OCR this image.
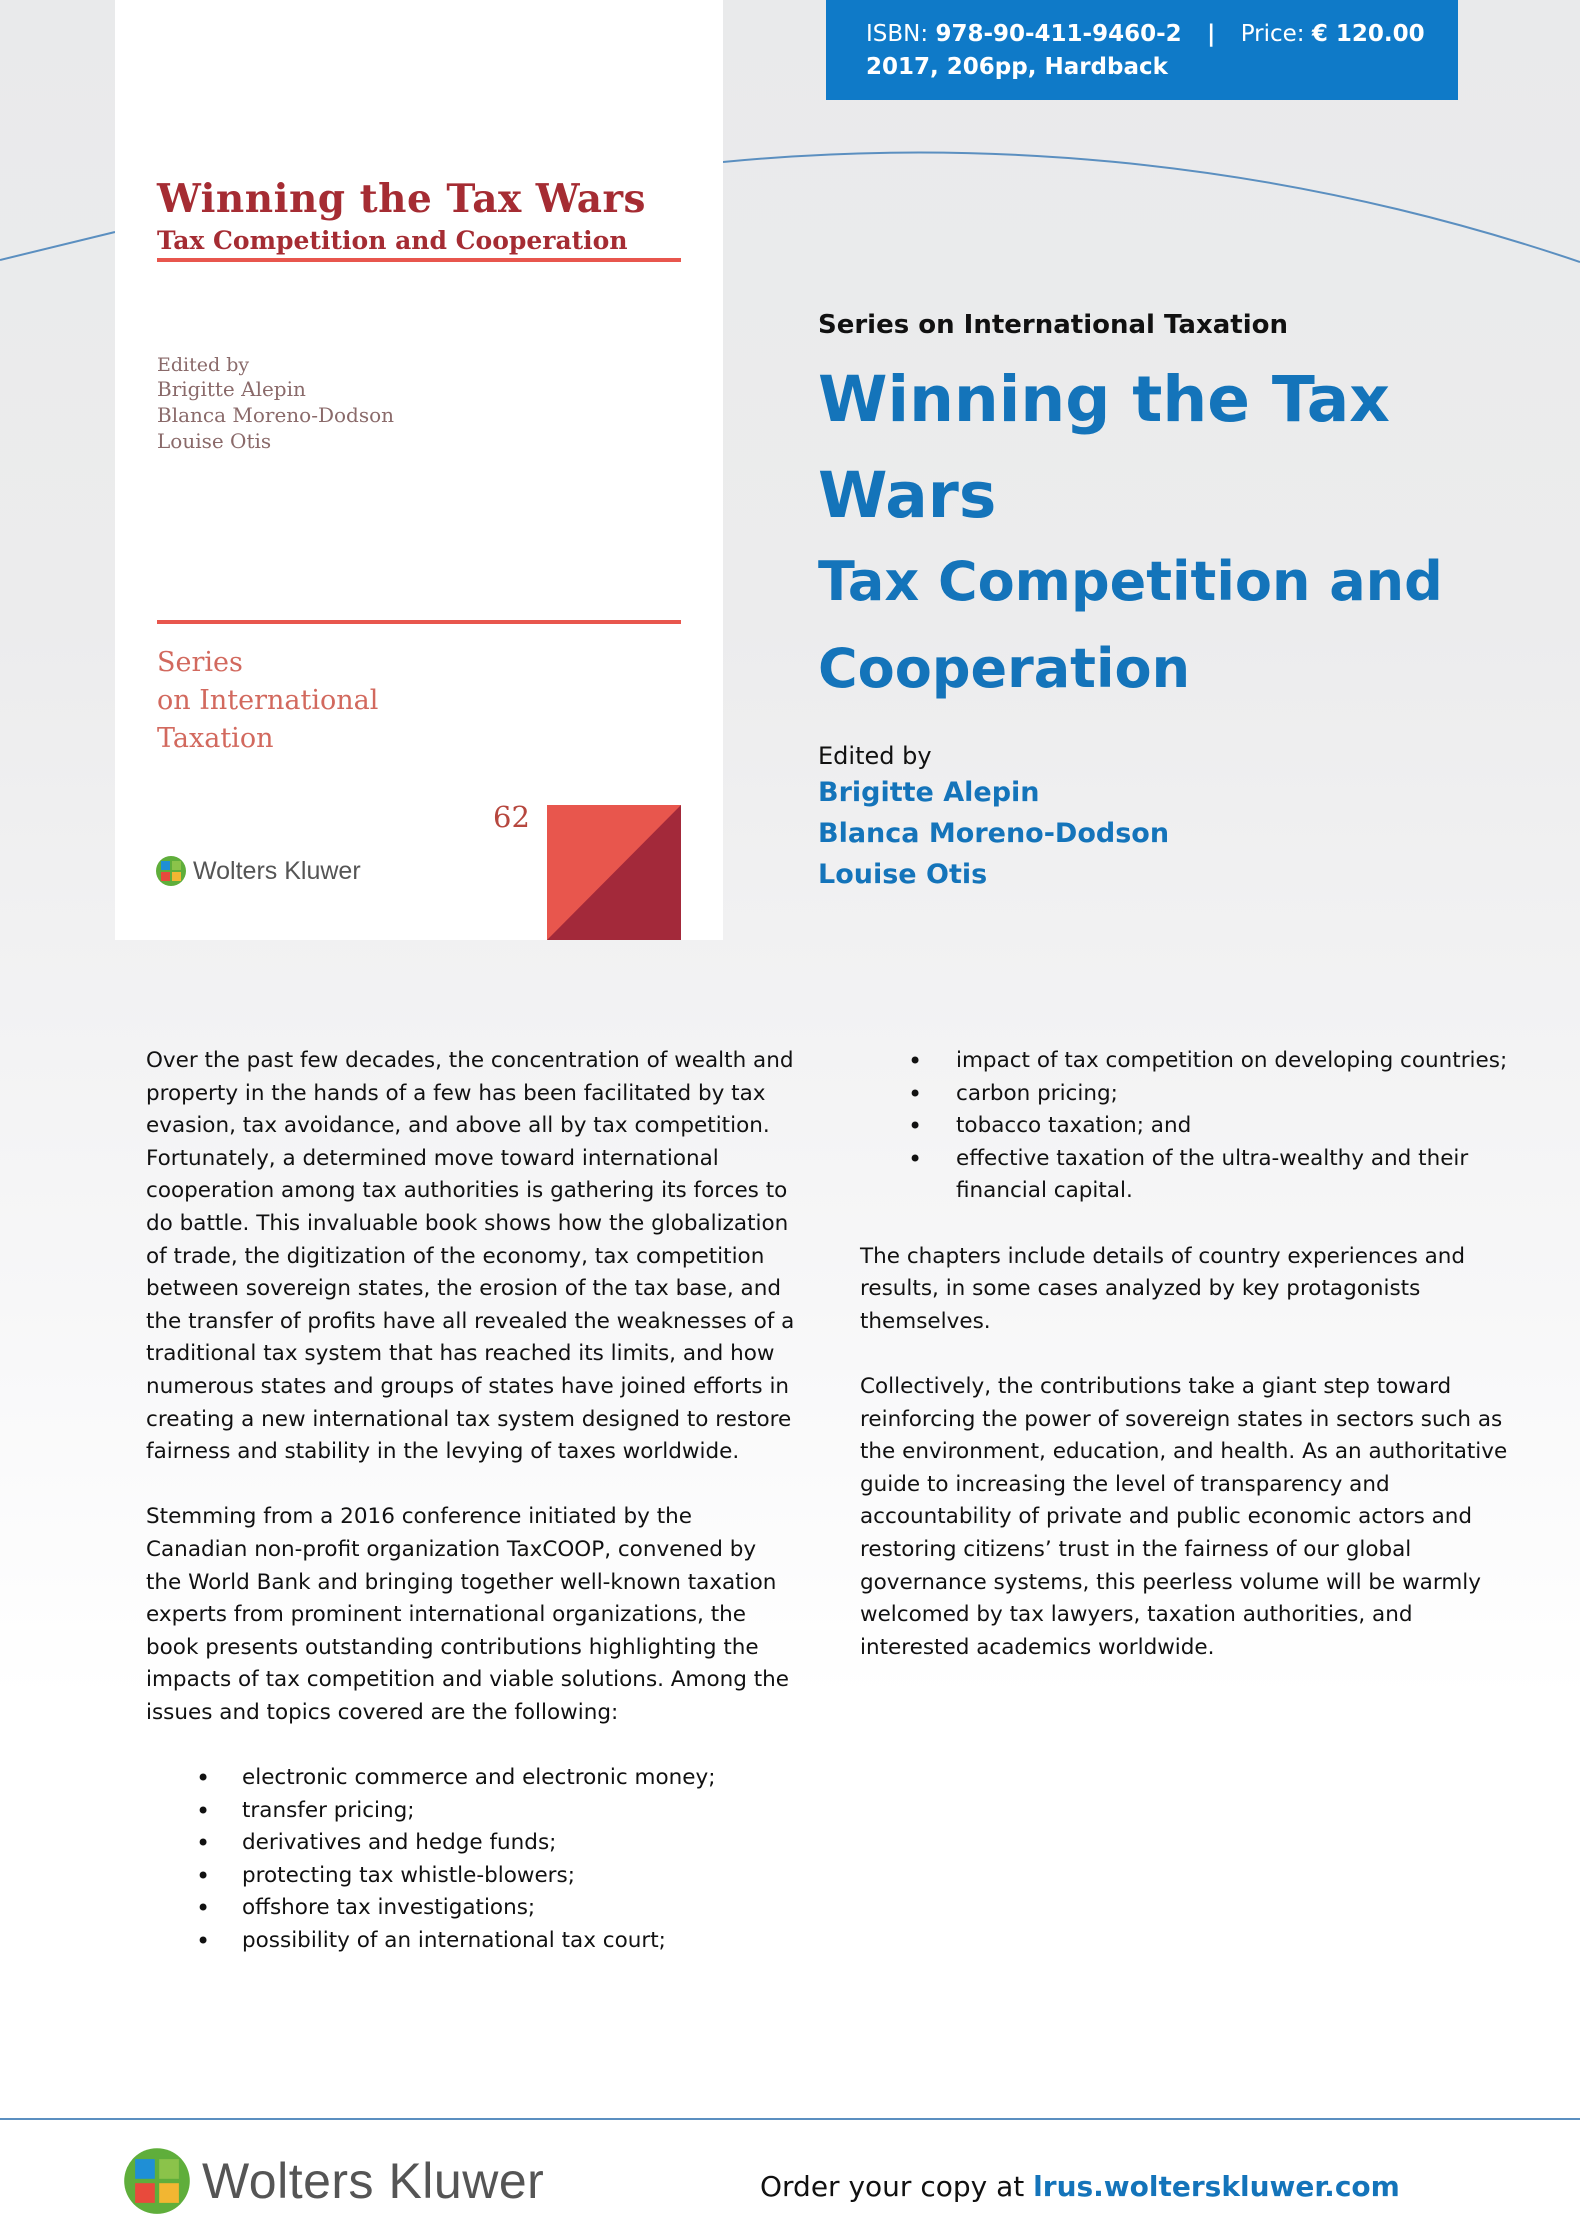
Winning the Tax Wars
Tax Competition and Cooperation
Edited by
Brigitte Alepin
Blanca Moreno-Dodson
Louise Otis
Series
on International
Taxation
62
Wolters Kluwer
ISBN: 978-90-411-9460-2 | Price: € 120.00
2017, 206pp, Hardback
Series on International Taxation
Winning the Tax Wars
Tax Competition and Cooperation
Edited by
Brigitte Alepin
Blanca Moreno-Dodson
Louise Otis

Over the past few decades, the concentration of wealth and property in the hands of a few has been facilitated by tax evasion, tax avoidance, and above all by tax competition. Fortunately, a determined move toward international cooperation among tax authorities is gathering its forces to do battle. This invaluable book shows how the globalization of trade, the digitization of the economy, tax competition between sovereign states, the erosion of the tax base, and the transfer of profits have all revealed the weaknesses of a traditional tax system that has reached its limits, and how numerous states and groups of states have joined efforts in creating a new international tax system designed to restore fairness and stability in the levying of taxes worldwide.

Stemming from a 2016 conference initiated by the Canadian non-profit organization TaxCOOP, convened by the World Bank and bringing together well-known taxation experts from prominent international organizations, the book presents outstanding contributions highlighting the impacts of tax competition and viable solutions. Among the issues and topics covered are the following:

• electronic commerce and electronic money;
• transfer pricing;
• derivatives and hedge funds;
• protecting tax whistle-blowers;
• offshore tax investigations;
• possibility of an international tax court;
• impact of tax competition on developing countries;
• carbon pricing;
• tobacco taxation; and
• effective taxation of the ultra-wealthy and their financial capital.

The chapters include details of country experiences and results, in some cases analyzed by key protagonists themselves.

Collectively, the contributions take a giant step toward reinforcing the power of sovereign states in sectors such as the environment, education, and health. As an authoritative guide to increasing the level of transparency and accountability of private and public economic actors and restoring citizens’ trust in the fairness of our global governance systems, this peerless volume will be warmly welcomed by tax lawyers, taxation authorities, and interested academics worldwide.

Wolters Kluwer	Order your copy at lrus.wolterskluwer.com
